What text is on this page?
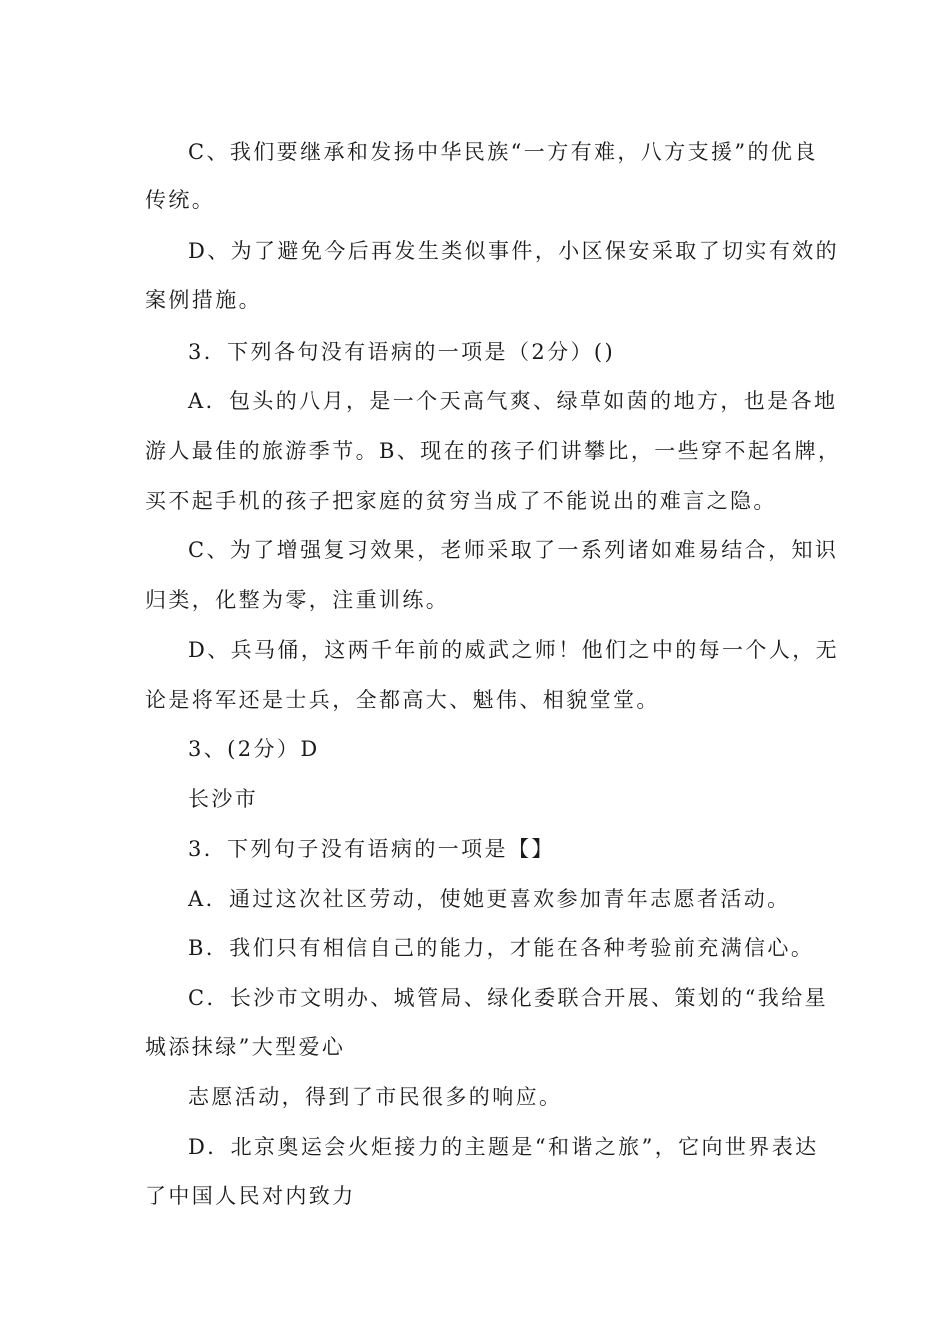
C、我们要继承和发扬中华民族“一方有难，八方支援”的优良

传统。

D、为了避免今后再发生类似事件，小区保安采取了切实有效的

案例措施。

3．下列各句没有语病的一项是（2分）()

A．包头的八月，是一个天高气爽、绿草如茵的地方，也是各地

游人最佳的旅游季节。B、现在的孩子们讲攀比，一些穿不起名牌，

买不起手机的孩子把家庭的贫穷当成了不能说出的难言之隐。

C、为了增强复习效果，老师采取了一系列诸如难易结合，知识

归类，化整为零，注重训练。

D、兵马俑，这两千年前的威武之师！他们之中的每一个人，无

论是将军还是士兵，全都高大、魁伟、相貌堂堂。

3、(2分）D

长沙市

3．下列句子没有语病的一项是【】

A．通过这次社区劳动，使她更喜欢参加青年志愿者活动。

B．我们只有相信自己的能力，才能在各种考验前充满信心。

C．长沙市文明办、城管局、绿化委联合开展、策划的“我给星

城添抹绿”大型爱心

志愿活动，得到了市民很多的响应。

D．北京奥运会火炬接力的主题是“和谐之旅”，它向世界表达

了中国人民对内致力
